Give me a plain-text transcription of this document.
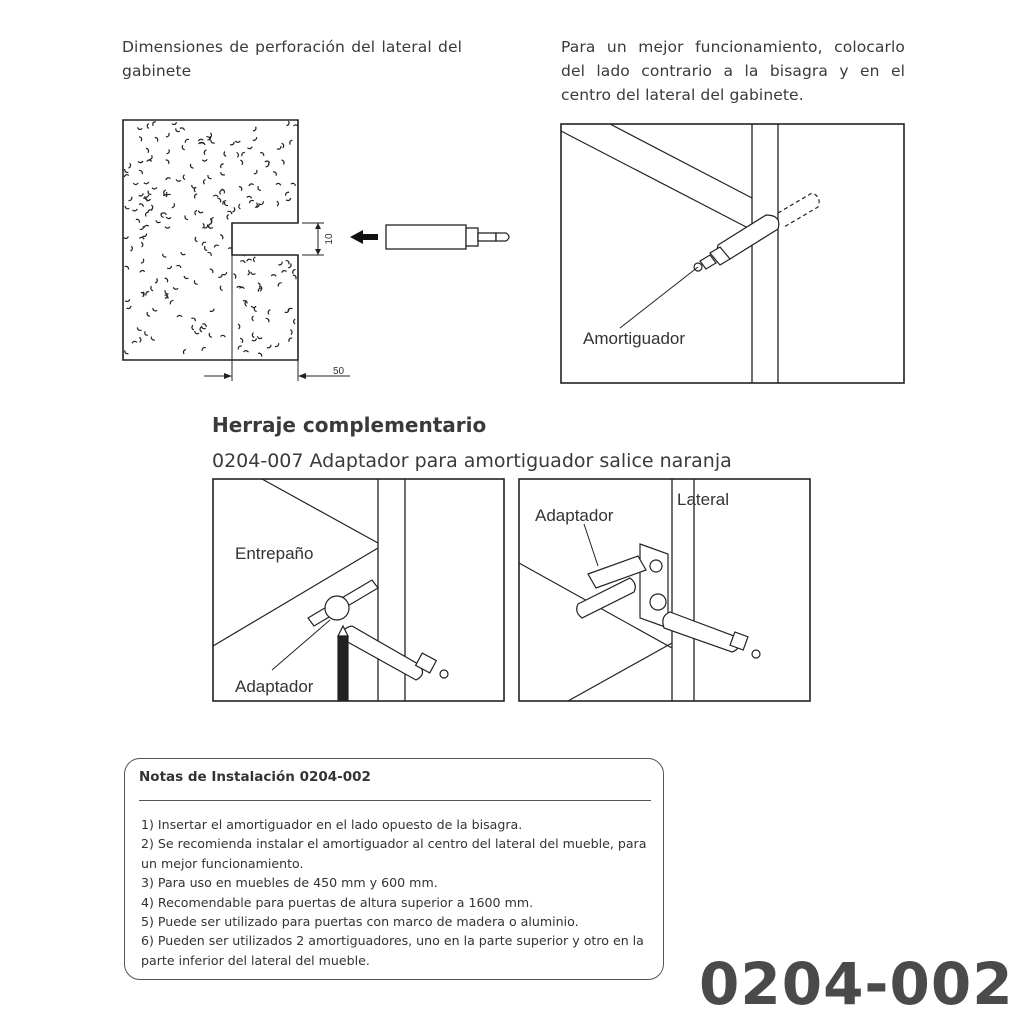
Dimensiones de perforación del lateral del gabinete
Para un mejor funcionamiento, colocarlo del lado contrario a la bisagra y en el centro del lateral del gabinete.
10
50
Amortiguador
Herraje complementario
0204-007 Adaptador para amortiguador salice naranja
Entrepaño
Adaptador
Adaptador
Lateral
Notas de Instalación 0204-002
1) Insertar el amortiguador en el lado opuesto de la bisagra.
2) Se recomienda instalar el amortiguador al centro del lateral del mueble, para un mejor funcionamiento.
3) Para uso en muebles de 450 mm y 600 mm.
4) Recomendable para puertas de altura superior a 1600 mm.
5) Puede ser utilizado para puertas con marco de madera o aluminio.
6) Pueden ser utilizados 2 amortiguadores, uno en la parte superior y otro en la parte inferior del lateral del mueble.	0204-002
